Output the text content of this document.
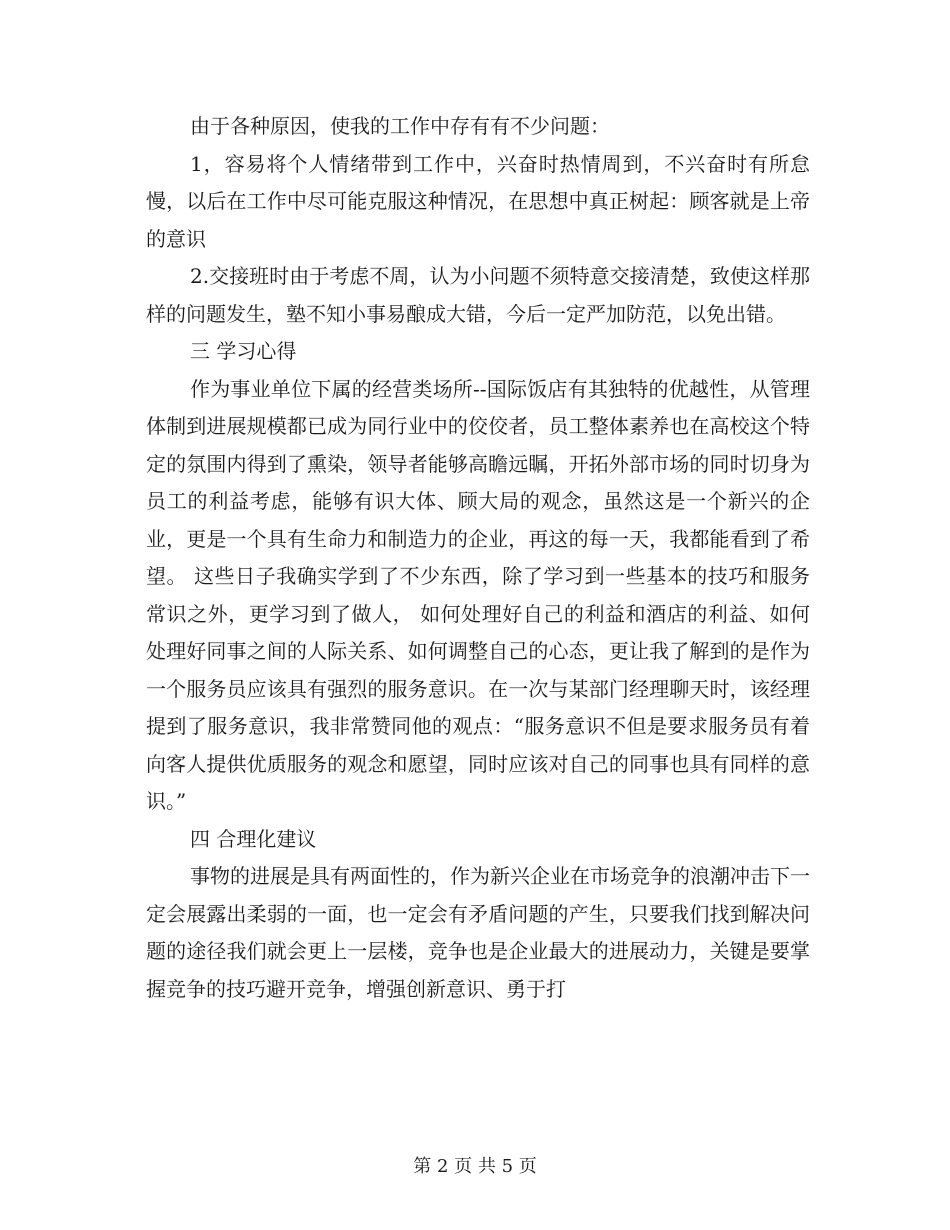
由于各种原因，使我的工作中存有有不少问题：

1，容易将个人情绪带到工作中，兴奋时热情周到，不兴奋时有所怠慢，以后在工作中尽可能克服这种情况，在思想中真正树起：顾客就是上帝的意识

2.交接班时由于考虑不周，认为小问题不须特意交接清楚，致使这样那样的问题发生，塾不知小事易酿成大错，今后一定严加防范，以免出错。

三 学习心得

作为事业单位下属的经营类场所--国际饭店有其独特的优越性，从管理体制到进展规模都已成为同行业中的佼佼者，员工整体素养也在高校这个特定的氛围内得到了熏染，领导者能够高瞻远瞩，开拓外部市场的同时切身为员工的利益考虑，能够有识大体、顾大局的观念，虽然这是一个新兴的企业，更是一个具有生命力和制造力的企业，再这的每一天，我都能看到了希望。 这些日子我确实学到了不少东西，除了学习到一些基本的技巧和服务常识之外，更学习到了做人， 如何处理好自己的利益和酒店的利益、如何处理好同事之间的人际关系、如何调整自己的心态，更让我了解到的是作为一个服务员应该具有强烈的服务意识。在一次与某部门经理聊天时，该经理提到了服务意识，我非常赞同他的观点：“服务意识不但是要求服务员有着向客人提供优质服务的观念和愿望，同时应该对自己的同事也具有同样的意识。”

四 合理化建议

事物的进展是具有两面性的，作为新兴企业在市场竞争的浪潮冲击下一定会展露出柔弱的一面，也一定会有矛盾问题的产生，只要我们找到解决问题的途径我们就会更上一层楼，竞争也是企业最大的进展动力，关键是要掌握竞争的技巧避开竞争，增强创新意识、勇于打

第 2 页 共 5 页
